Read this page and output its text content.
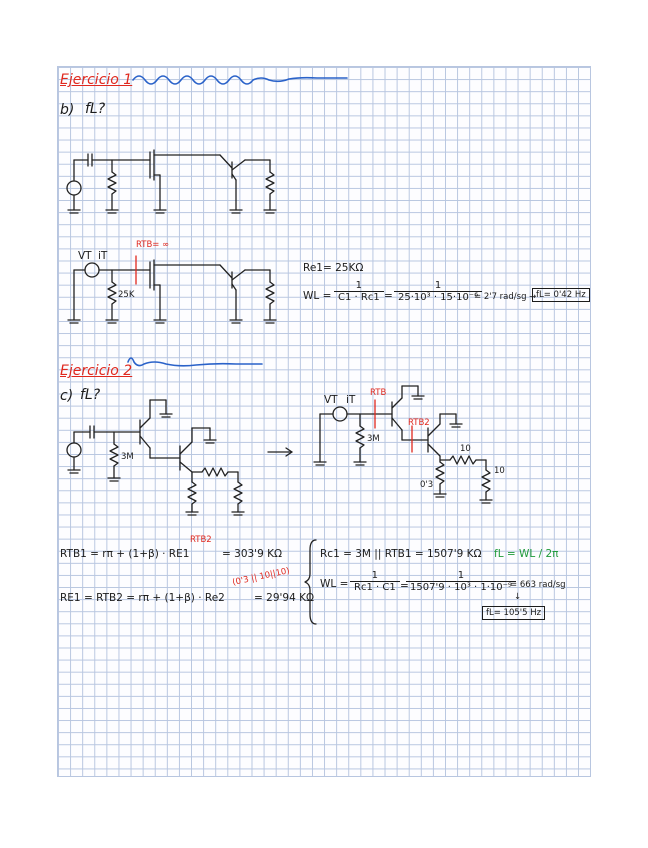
Ejercicio 1
b) fL?
VT iT
RTB= ∞
25K
Re1= 25KΩ
WL = $\frac{1}{C1 \cdot Rc1} = \frac{1}{\text{25·10³ · 15·10⁻⁶}}$
= 2'7 rad/sg → fL= 0'42 Hz
Ejercicio 2
c) fL?
3M
VT iT
RTB
RTB2
3M
10
10
0'3
RTB2
RTB1 = rπ + (1+β) · RE1	= 303'9 KΩ
(0'3 || 10||10)
RE1 = RTB2 = rπ + (1+β) · Re2	= 29'94 KΩ
Rc1 = 3M || RTB1 = 1507'9 KΩ fL = WL / 2π
WL = $\frac{1}{Rc1 \cdot C1}$ =
$\frac{1}{\text{1507'9 · 10³ · 1·10⁻⁹}}$
= 663 rad/sg
↓
fL= 105'5 Hz
